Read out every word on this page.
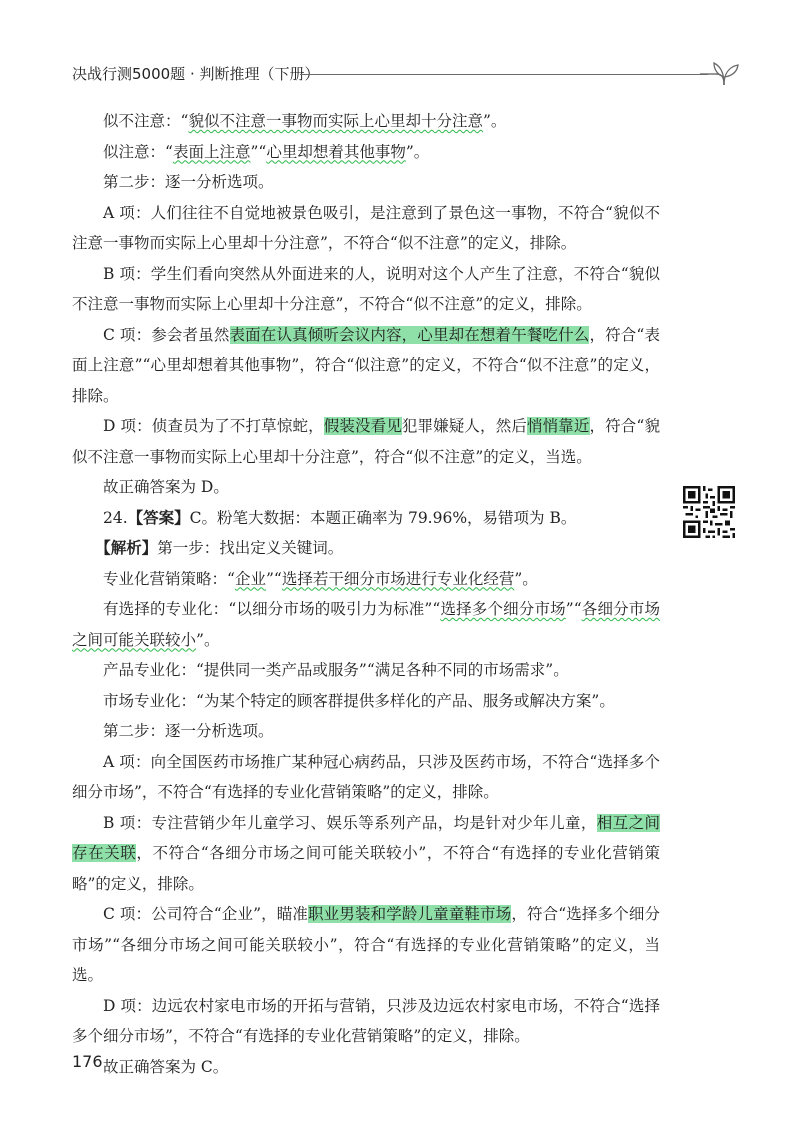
决战行测5000题 · 判断推理（下册）

似不注意：“貌似不注意一事物而实际上心里却十分注意”。

似注意：“表面上注意”“心里却想着其他事物”。

第二步：逐一分析选项。

A 项：人们往往不自觉地被景色吸引，是注意到了景色这一事物，不符合“貌似不注意一事物而实际上心里却十分注意”，不符合“似不注意”的定义，排除。

B 项：学生们看向突然从外面进来的人，说明对这个人产生了注意，不符合“貌似不注意一事物而实际上心里却十分注意”，不符合“似不注意”的定义，排除。

C 项：参会者虽然表面在认真倾听会议内容，心里却在想着午餐吃什么，符合“表面上注意”“心里却想着其他事物”，符合“似注意”的定义，不符合“似不注意”的定义，排除。

D 项：侦查员为了不打草惊蛇，假装没看见犯罪嫌疑人，然后悄悄靠近，符合“貌似不注意一事物而实际上心里却十分注意”，符合“似不注意”的定义，当选。

故正确答案为 D。

24.【答案】C。粉笔大数据：本题正确率为 79.96%，易错项为 B。

【解析】第一步：找出定义关键词。

专业化营销策略：“企业”“选择若干细分市场进行专业化经营”。

有选择的专业化：“以细分市场的吸引力为标准”“选择多个细分市场”“各细分市场之间可能关联较小”。

产品专业化：“提供同一类产品或服务”“满足各种不同的市场需求”。

市场专业化：“为某个特定的顾客群提供多样化的产品、服务或解决方案”。

第二步：逐一分析选项。

A 项：向全国医药市场推广某种冠心病药品，只涉及医药市场，不符合“选择多个细分市场”，不符合“有选择的专业化营销策略”的定义，排除。

B 项：专注营销少年儿童学习、娱乐等系列产品，均是针对少年儿童，相互之间存在关联，不符合“各细分市场之间可能关联较小”，不符合“有选择的专业化营销策略”的定义，排除。

C 项：公司符合“企业”，瞄准职业男装和学龄儿童童鞋市场，符合“选择多个细分市场”“各细分市场之间可能关联较小”，符合“有选择的专业化营销策略”的定义，当选。

D 项：边远农村家电市场的开拓与营销，只涉及边远农村家电市场，不符合“选择多个细分市场”，不符合“有选择的专业化营销策略”的定义，排除。

故正确答案为 C。

176
